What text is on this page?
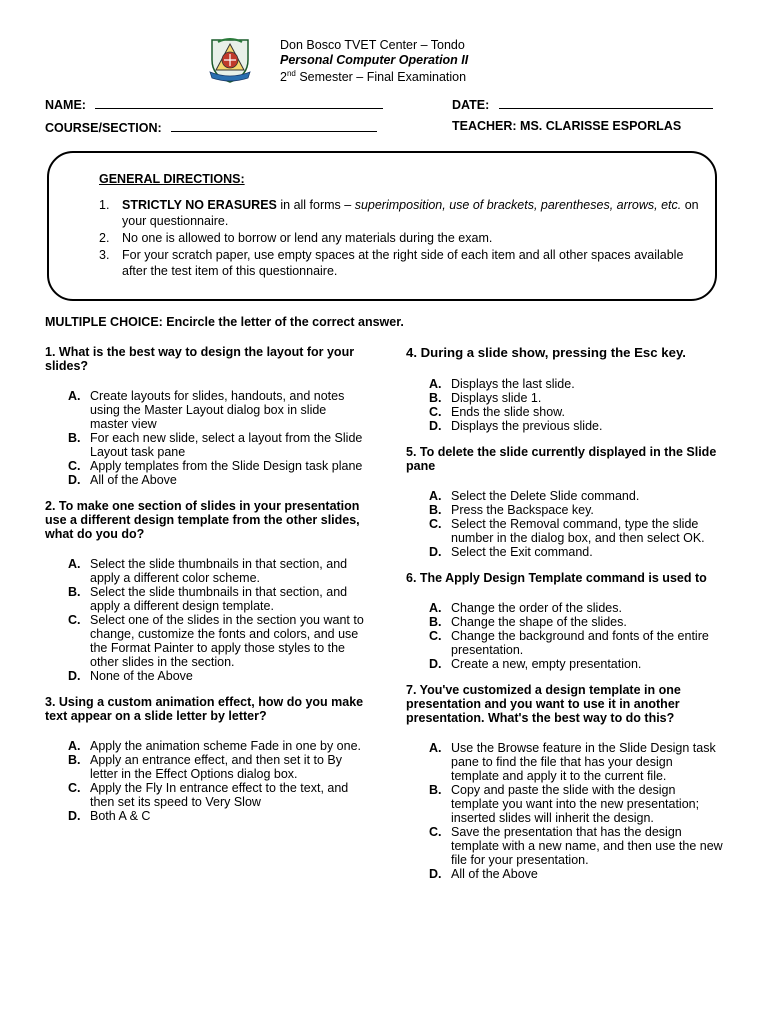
Don Bosco TVET Center – Tondo
Personal Computer Operation II
2nd Semester – Final Examination
NAME:	DATE:
COURSE/SECTION:	TEACHER: MS. CLARISSE ESPORLAS
GENERAL DIRECTIONS:
1. STRICTLY NO ERASURES in all forms – superimposition, use of brackets, parentheses, arrows, etc. on your questionnaire.
2. No one is allowed to borrow or lend any materials during the exam.
3. For your scratch paper, use empty spaces at the right side of each item and all other spaces available after the test item of this questionnaire.
MULTIPLE CHOICE: Encircle the letter of the correct answer.
1. What is the best way to design the layout for your slides?
A. Create layouts for slides, handouts, and notes using the Master Layout dialog box in slide master view
B. For each new slide, select a layout from the Slide Layout task pane
C. Apply templates from the Slide Design task plane
D. All of the Above
2. To make one section of slides in your presentation use a different design template from the other slides, what do you do?
A. Select the slide thumbnails in that section, and apply a different color scheme.
B. Select the slide thumbnails in that section, and apply a different design template.
C. Select one of the slides in the section you want to change, customize the fonts and colors, and use the Format Painter to apply those styles to the other slides in the section.
D. None of the Above
3. Using a custom animation effect, how do you make text appear on a slide letter by letter?
A. Apply the animation scheme Fade in one by one.
B. Apply an entrance effect, and then set it to By letter in the Effect Options dialog box.
C. Apply the Fly In entrance effect to the text, and then set its speed to Very Slow
D. Both A & C
4. During a slide show, pressing the Esc key.
A. Displays the last slide.
B. Displays slide 1.
C. Ends the slide show.
D. Displays the previous slide.
5. To delete the slide currently displayed in the Slide pane
A. Select the Delete Slide command.
B. Press the Backspace key.
C. Select the Removal command, type the slide number in the dialog box, and then select OK.
D. Select the Exit command.
6. The Apply Design Template command is used to
A. Change the order of the slides.
B. Change the shape of the slides.
C. Change the background and fonts of the entire presentation.
D. Create a new, empty presentation.
7. You've customized a design template in one presentation and you want to use it in another presentation. What's the best way to do this?
A. Use the Browse feature in the Slide Design task pane to find the file that has your design template and apply it to the current file.
B. Copy and paste the slide with the design template you want into the new presentation; inserted slides will inherit the design.
C. Save the presentation that has the design template with a new name, and then use the new file for your presentation.
D. All of the Above
